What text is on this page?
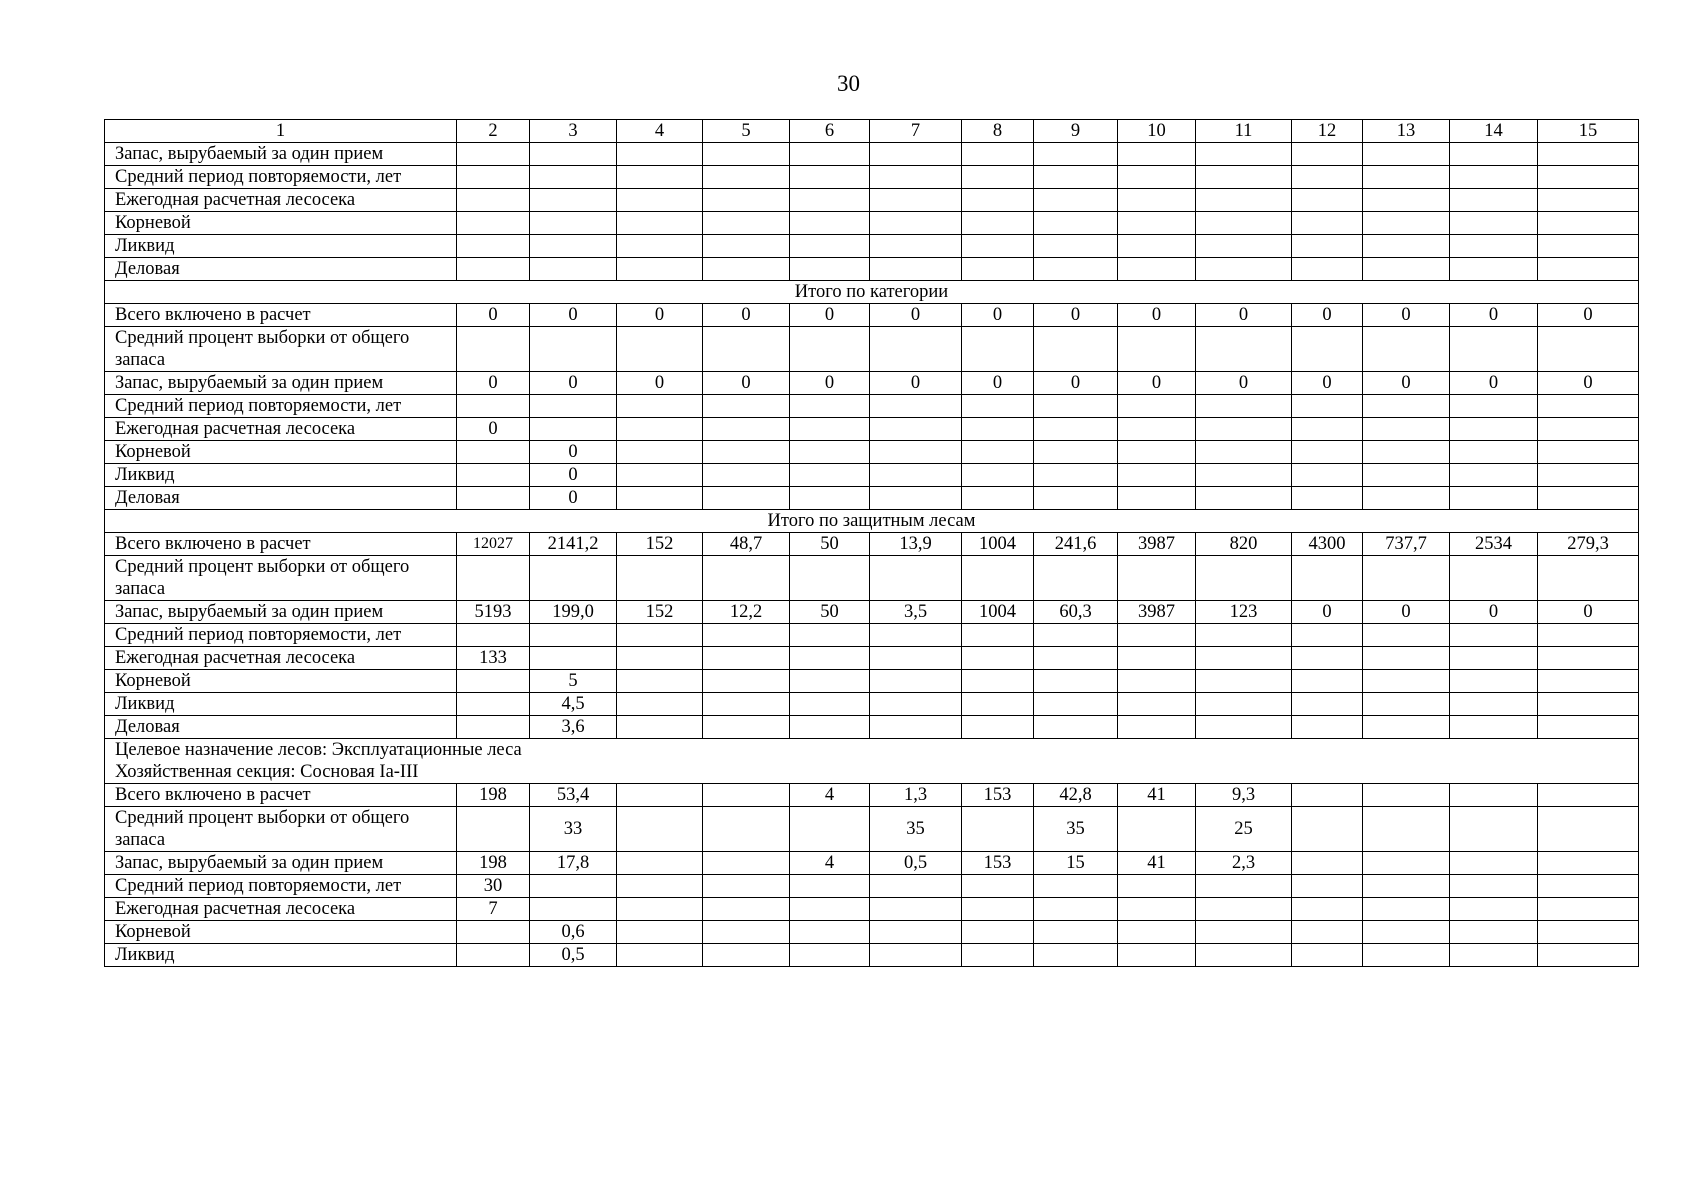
30
1	2	3	4	5	6	7	8	9	10	11	12	13	14	15
Запас, вырубаемый за один прием														
Средний период повторяемости, лет														
Ежегодная расчетная лесосека														
Корневой														
Ликвид														
Деловая														
Итого по категории														
Всего включено в расчет	0	0	0	0	0	0	0	0	0	0	0	0	0	0
Средний процент выборки от общего запаса														
Запас, вырубаемый за один прием	0	0	0	0	0	0	0	0	0	0	0	0	0	0
Средний период повторяемости, лет														
Ежегодная расчетная лесосека	0													
Корневой		0												
Ликвид		0												
Деловая		0												
Итого по защитным лесам														
Всего включено в расчет	12027	2141,2	152	48,7	50	13,9	1004	241,6	3987	820	4300	737,7	2534	279,3
Средний процент выборки от общего запаса														
Запас, вырубаемый за один прием	5193	199,0	152	12,2	50	3,5	1004	60,3	3987	123	0	0	0	0
Средний период повторяемости, лет														
Ежегодная расчетная лесосека	133													
Корневой		5												
Ликвид		4,5												
Деловая		3,6												

Целевое назначение лесов: Эксплуатационные леса
Хозяйственная секция: Сосновая Iа-III														

Всего включено в расчет	198	53,4			4	1,3	153	42,8	41	9,3				
Средний процент выборки от общего запаса		33				35		35		25				
Запас, вырубаемый за один прием	198	17,8			4	0,5	153	15	41	2,3				
Средний период повторяемости, лет	30													
Ежегодная расчетная лесосека	7													
Корневой		0,6												
Ликвид		0,5												
